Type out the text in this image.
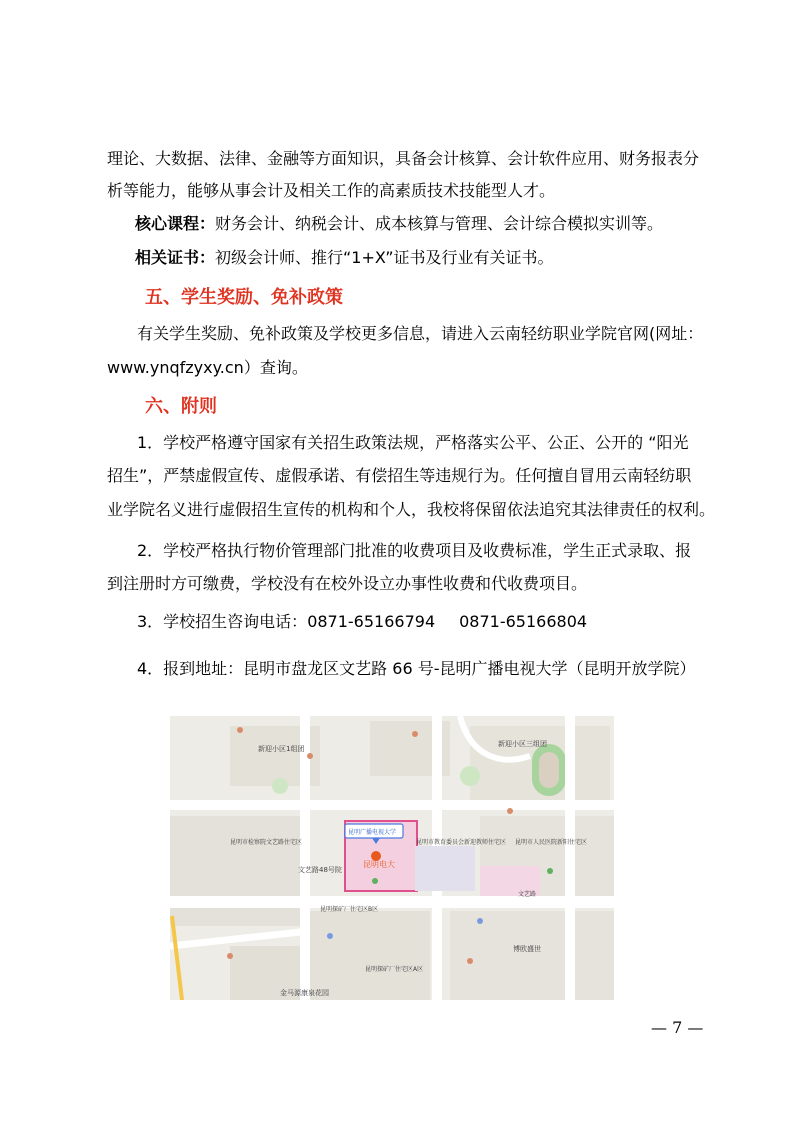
理论、大数据、法律、金融等方面知识，具备会计核算、会计软件应用、财务报表分
析等能力，能够从事会计及相关工作的高素质技术技能型人才。
核心课程：财务会计、纳税会计、成本核算与管理、会计综合模拟实训等。
相关证书：初级会计师、推行“1+X”证书及行业有关证书。
五、学生奖励、免补政策
有关学生奖励、免补政策及学校更多信息，请进入云南轻纺职业学院官网(网址：
www.ynqfzyxy.cn）查询。
六、附则
1．学校严格遵守国家有关招生政策法规，严格落实公平、公正、公开的 “阳光
招生”，严禁虚假宣传、虚假承诺、有偿招生等违规行为。任何擅自冒用云南轻纺职
业学院名义进行虚假招生宣传的机构和个人，我校将保留依法追究其法律责任的权利。
2．学校严格执行物价管理部门批准的收费项目及收费标准，学生正式录取、报
到注册时方可缴费，学校没有在校外设立办事性收费和代收费项目。
3．学校招生咨询电话：0871-65166794 0871-65166804
4．报到地址：昆明市盘龙区文艺路 66 号-昆明广播电视大学（昆明开放学院）
昆明广播电视大学
昆明电大
新迎小区1组团
新迎小区三组团
昆明市检察院文艺路住宅区	昆明市教育委员会新迎教师住宅区 昆明市人民医院新阳住宅区
文艺路48号院
昆明探矿厂住宅区B区
昆明探矿厂住宅区A区
金马源康泉花园
博欧盛世
文艺路
— 7 —
